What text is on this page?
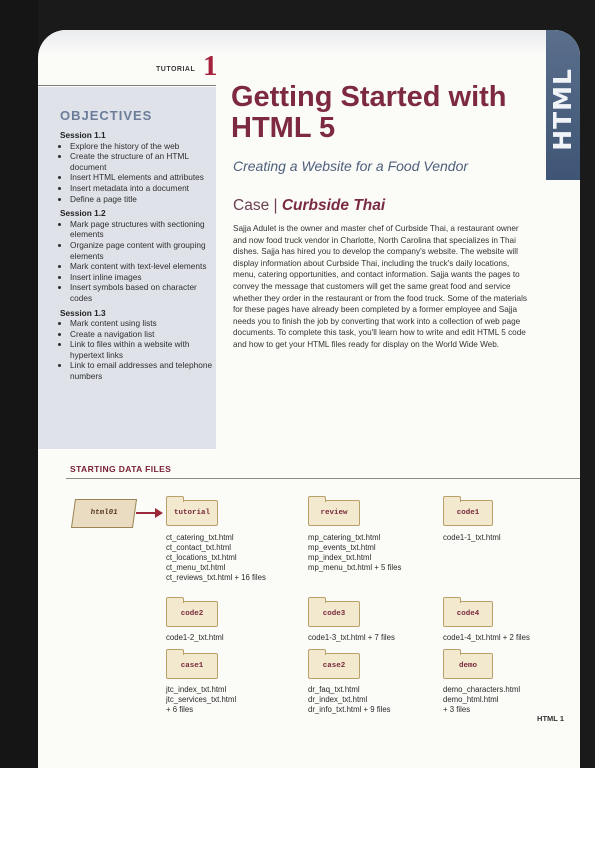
HTML
TUTORIAL 1
OBJECTIVES
Session 1.1
• Explore the history of the web
• Create the structure of an HTML document
• Insert HTML elements and attributes
• Insert metadata into a document
• Define a page title
Session 1.2
• Mark page structures with sectioning elements
• Organize page content with grouping elements
• Mark content with text-level elements
• Insert inline images
• Insert symbols based on character codes
Session 1.3
• Mark content using lists
• Create a navigation list
• Link to files within a website with hypertext links
• Link to email addresses and telephone numbers
Getting Started with HTML 5
Creating a Website for a Food Vendor
Case | Curbside Thai
Sajja Adulet is the owner and master chef of Curbside Thai, a restaurant owner and now food truck vendor in Charlotte, North Carolina that specializes in Thai dishes. Sajja has hired you to develop the company's website. The website will display information about Curbside Thai, including the truck's daily locations, menu, catering opportunities, and contact information. Sajja wants the pages to convey the message that customers will get the same great food and service whether they order in the restaurant or from the food truck. Some of the materials for these pages have already been completed by a former employee and Sajja needs you to finish the job by converting that work into a collection of web page documents. To complete this task, you'll learn how to write and edit HTML 5 code and how to get your HTML files ready for display on the World Wide Web.
STARTING DATA FILES
html01	tutorial
ct_catering_txt.html
ct_contact_txt.html
ct_locations_txt.html
ct_menu_txt.html
ct_reviews_txt.html + 16 files
review
mp_catering_txt.html
mp_events_txt.html
mp_index_txt.html
mp_menu_txt.html + 5 files
code1
code1-1_txt.html
code2
code1-2_txt.html
code3
code1-3_txt.html + 7 files
code4
code1-4_txt.html + 2 files
case1
jtc_index_txt.html
jtc_services_txt.html
+ 6 files
case2
dr_faq_txt.html
dr_index_txt.html
dr_info_txt.html + 9 files
demo
demo_characters.html
demo_html.html
+ 3 files
HTML 1
